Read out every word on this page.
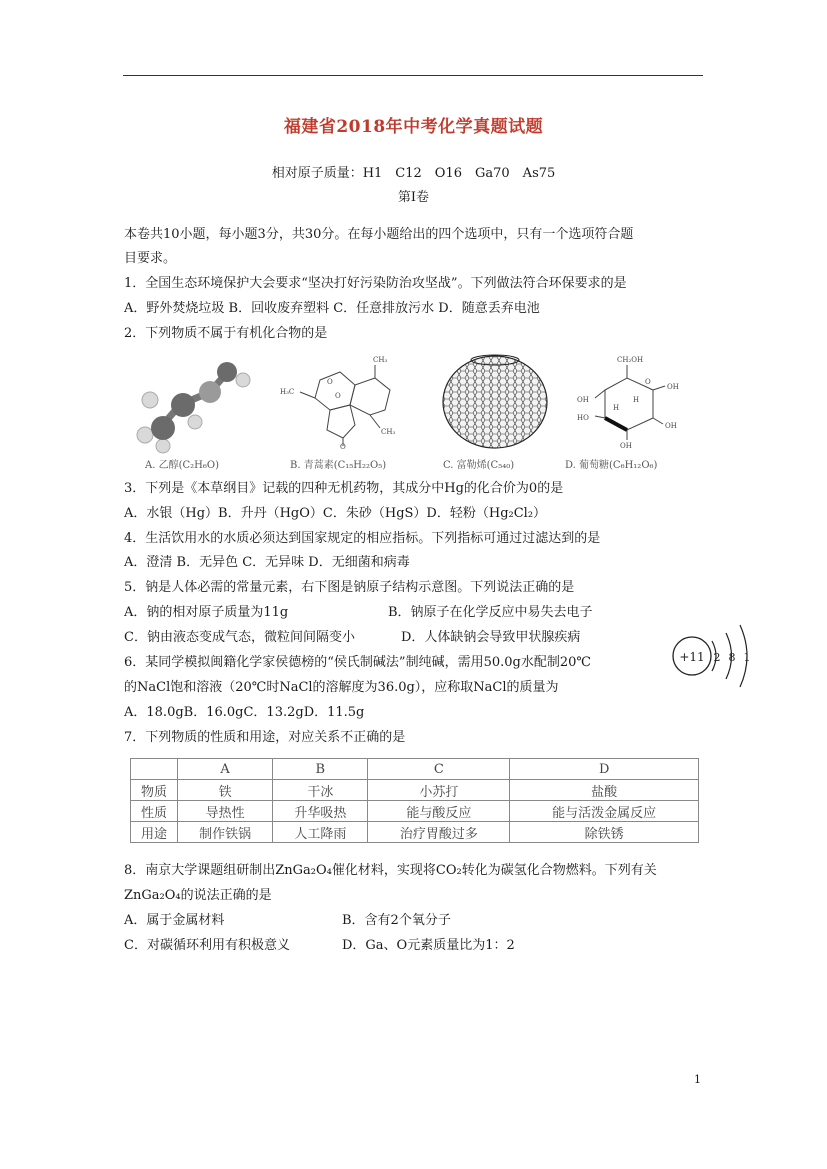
福建省2018年中考化学真题试题
相对原子质量：H1　C12　O16　Ga70　As75
第Ⅰ卷
本卷共10小题，每小题3分，共30分。在每小题给出的四个选项中，只有一个选项符合题
目要求。
1．全国生态环境保护大会要求“坚决打好污染防治攻坚战”。下列做法符合环保要求的是
A．野外焚烧垃圾 B．回收废弃塑料 C．任意排放污水 D．随意丢弃电池
2．下列物质不属于有机化合物的是
A. 乙醇(C₂H₆O)
CH₃
H₃C
CH₃
O
O
O
B. 青蒿素(C₁₅H₂₂O₅)	C. 富勒烯(C₅₄₀)
CH₂OH
O
OH
OH
HO
OH
OH
H
H
D. 葡萄糖(C₆H₁₂O₆)
3．下列是《本草纲目》记载的四种无机药物，其成分中Hg的化合价为0的是
A．水银（Hg）B．升丹（HgO）C．朱砂（HgS）D．轻粉（Hg₂Cl₂）
4．生活饮用水的水质必须达到国家规定的相应指标。下列指标可通过过滤达到的是
A．澄清 B．无异色 C．无异味 D．无细菌和病毒
5．钠是人体必需的常量元素，右下图是钠原子结构示意图。下列说法正确的是
A．钠的相对原子质量为11g	B．钠原子在化学反应中易失去电子
C．钠由液态变成气态，微粒间间隔变小	D．人体缺钠会导致甲状腺疾病
+11 2 8 1
6．某同学模拟闽籍化学家侯德榜的“侯氏制碱法”制纯碱，需用50.0g水配制20℃
的NaCl饱和溶液（20℃时NaCl的溶解度为36.0g），应称取NaCl的质量为
A．18.0gB．16.0gC．13.2gD．11.5g
7．下列物质的性质和用途，对应关系不正确的是
	A	B	C	D
物质	铁	干冰	小苏打	盐酸
性质	导热性	升华吸热	能与酸反应	能与活泼金属反应
用途	制作铁锅	人工降雨	治疗胃酸过多	除铁锈
8．南京大学课题组研制出ZnGa₂O₄催化材料，实现将CO₂转化为碳氢化合物燃料。下列有关
ZnGa₂O₄的说法正确的是
A．属于金属材料	B．含有2个氧分子
C．对碳循环利用有积极意义	D．Ga、O元素质量比为1：2
1
